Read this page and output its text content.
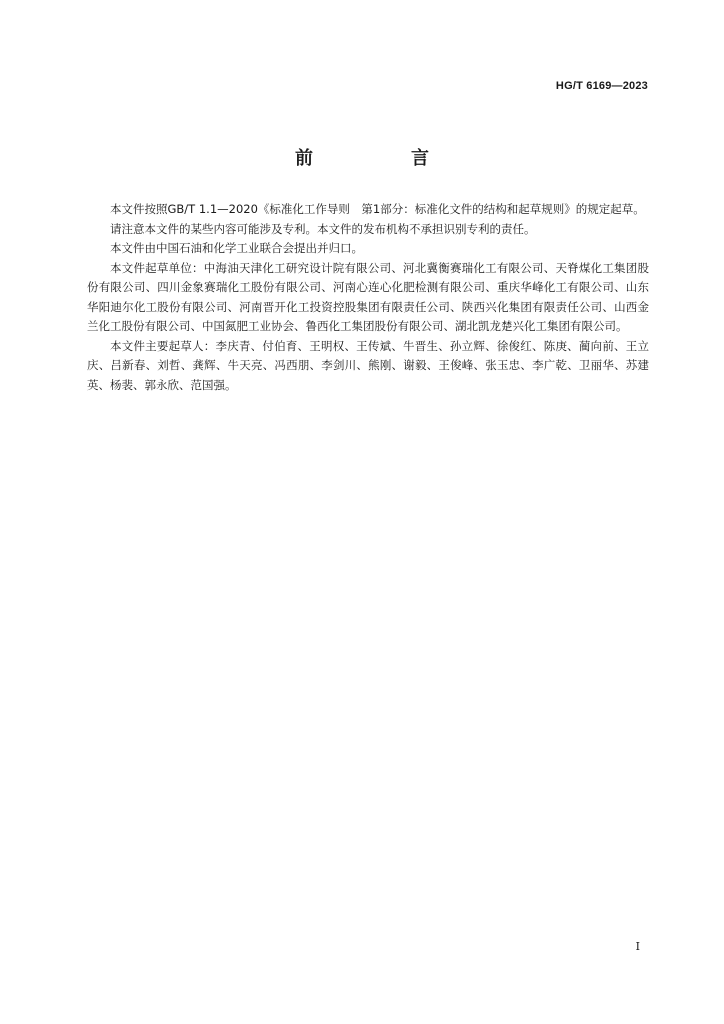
HG/T 6169—2023
前　言

本文件按照GB/T 1.1—2020《标准化工作导则　第1部分：标准化文件的结构和起草规则》的规定起草。

请注意本文件的某些内容可能涉及专利。本文件的发布机构不承担识别专利的责任。

本文件由中国石油和化学工业联合会提出并归口。

本文件起草单位：中海油天津化工研究设计院有限公司、河北冀衡赛瑞化工有限公司、天脊煤化工集团股份有限公司、四川金象赛瑞化工股份有限公司、河南心连心化肥检测有限公司、重庆华峰化工有限公司、山东华阳迪尔化工股份有限公司、河南晋开化工投资控股集团有限责任公司、陕西兴化集团有限责任公司、山西金兰化工股份有限公司、中国氮肥工业协会、鲁西化工集团股份有限公司、湖北凯龙楚兴化工集团有限公司。

本文件主要起草人：李庆青、付伯育、王明权、王传斌、牛晋生、孙立辉、徐俊红、陈庚、蔺向前、王立庆、吕新春、刘哲、龚辉、牛天亮、冯西朋、李剑川、熊刚、谢毅、王俊峰、张玉忠、李广乾、卫丽华、苏建英、杨裴、郭永欣、范国强。

I
